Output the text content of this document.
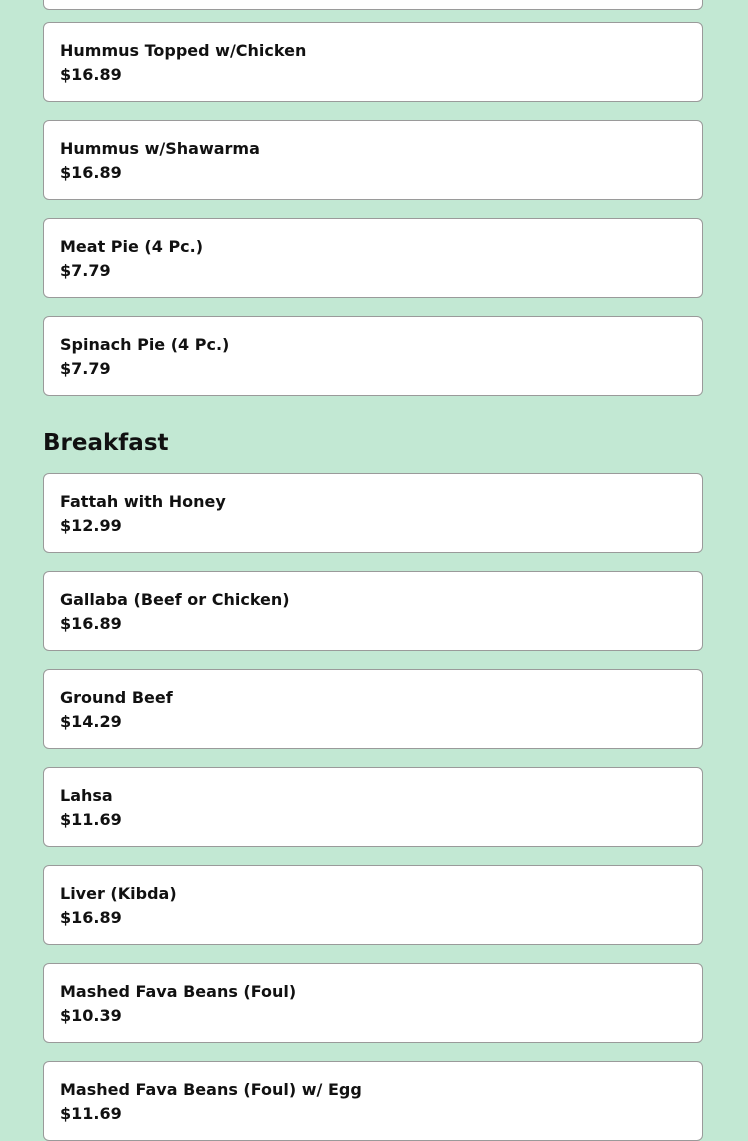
Hummus Topped w/Chicken
$16.89
Hummus w/Shawarma
$16.89
Meat Pie (4 Pc.)
$7.79
Spinach Pie (4 Pc.)
$7.79
Breakfast
Fattah with Honey
$12.99
Gallaba (Beef or Chicken)
$16.89
Ground Beef
$14.29
Lahsa
$11.69
Liver (Kibda)
$16.89
Mashed Fava Beans (Foul)
$10.39
Mashed Fava Beans (Foul) w/ Egg
$11.69
